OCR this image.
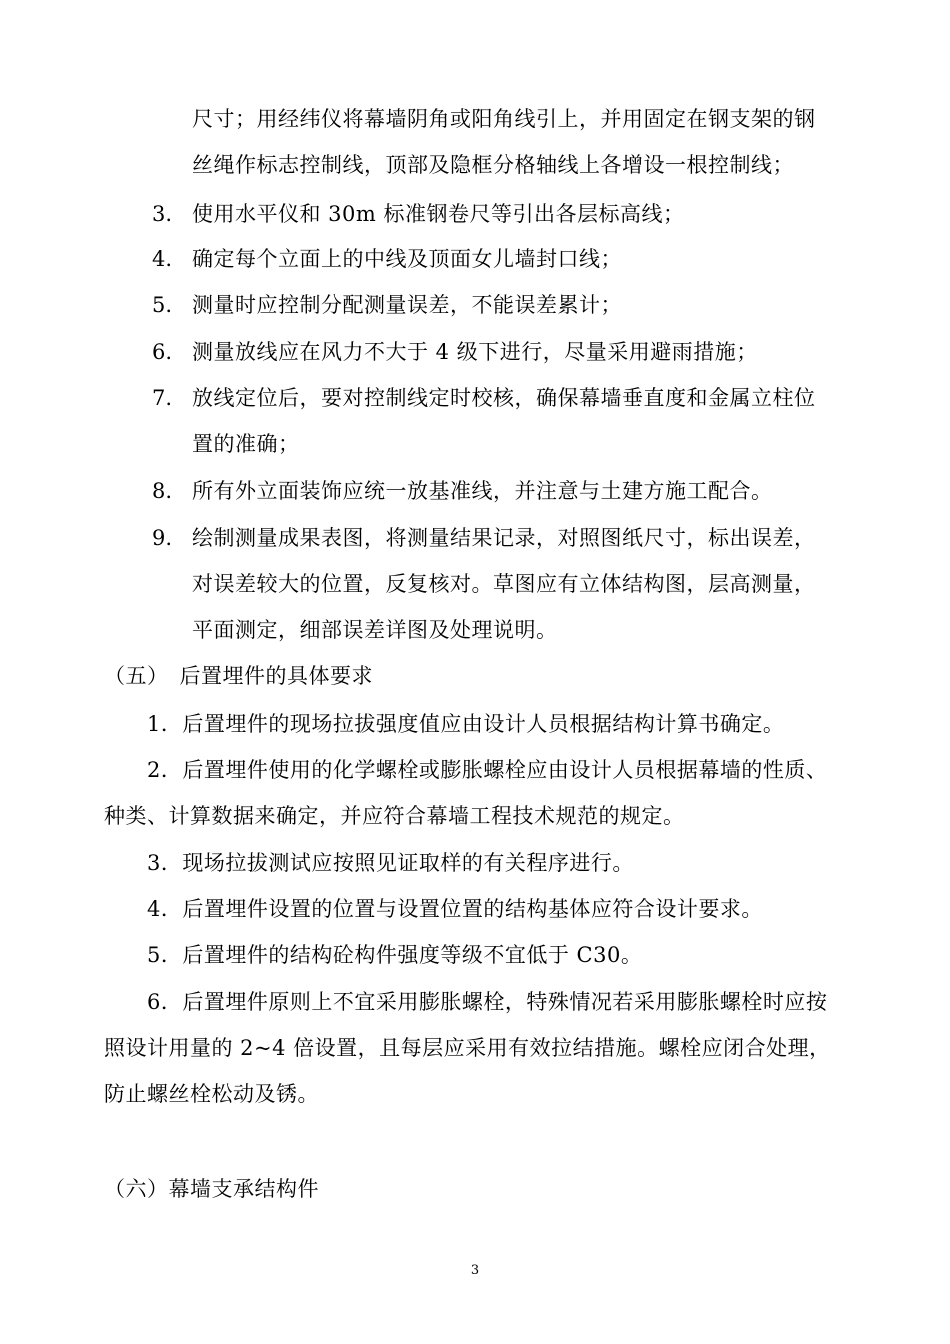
尺寸；用经纬仪将幕墙阴角或阳角线引上，并用固定在钢支架的钢
丝绳作标志控制线，顶部及隐框分格轴线上各增设一根控制线；
3. 使用水平仪和 30m 标准钢卷尺等引出各层标高线；
4. 确定每个立面上的中线及顶面女儿墙封口线；
5. 测量时应控制分配测量误差，不能误差累计；
6. 测量放线应在风力不大于 4 级下进行，尽量采用避雨措施；
7. 放线定位后，要对控制线定时校核，确保幕墙垂直度和金属立柱位
置的准确；
8. 所有外立面装饰应统一放基准线，并注意与土建方施工配合。
9. 绘制测量成果表图，将测量结果记录，对照图纸尺寸，标出误差，
对误差较大的位置，反复核对。草图应有立体结构图，层高测量，
平面测定，细部误差详图及处理说明。
（五）　后置埋件的具体要求
1．后置埋件的现场拉拔强度值应由设计人员根据结构计算书确定。
2．后置埋件使用的化学螺栓或膨胀螺栓应由设计人员根据幕墙的性质、
种类、计算数据来确定，并应符合幕墙工程技术规范的规定。
3．现场拉拔测试应按照见证取样的有关程序进行。
4．后置埋件设置的位置与设置位置的结构基体应符合设计要求。
5．后置埋件的结构砼构件强度等级不宜低于 C30。
6．后置埋件原则上不宜采用膨胀螺栓，特殊情况若采用膨胀螺栓时应按
照设计用量的 2~4 倍设置，且每层应采用有效拉结措施。螺栓应闭合处理，
防止螺丝栓松动及锈。
（六）幕墙支承结构件
3
